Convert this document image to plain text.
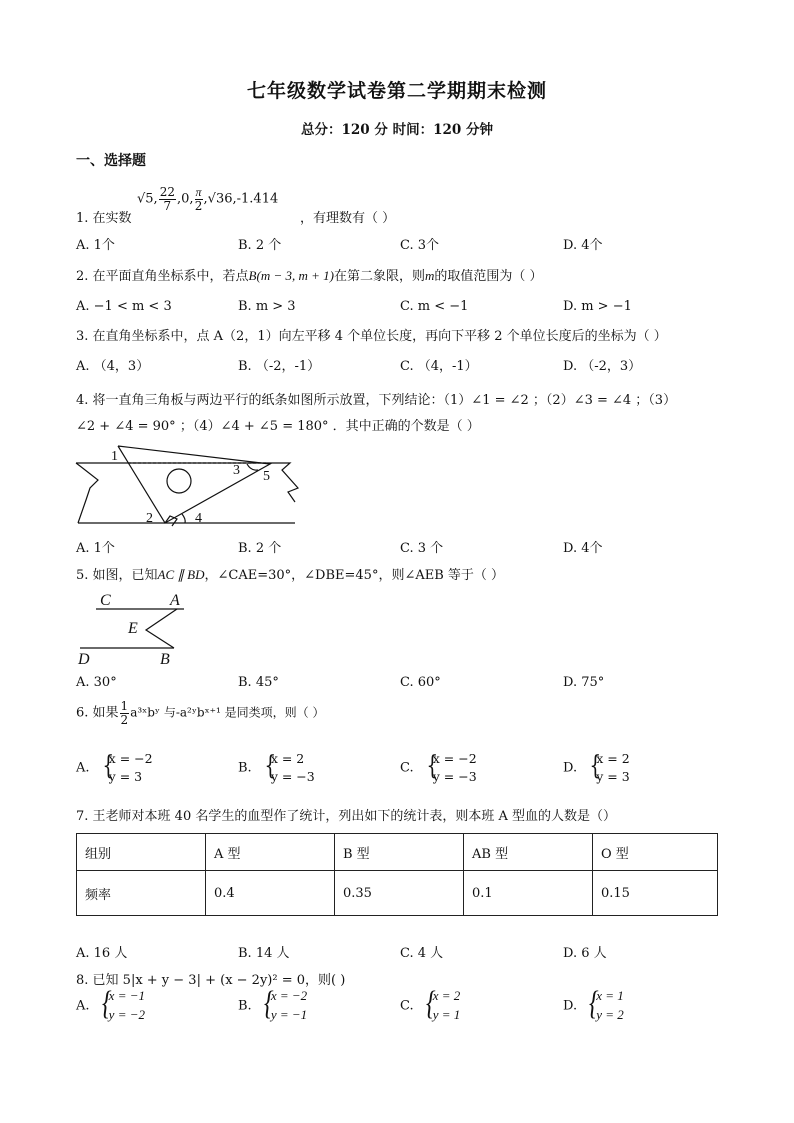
七年级数学试卷第二学期期末检测
总分：120 分 时间：120 分钟
一、选择题
1. 在实数
√5, $\frac{22}{7} ,0$, $\frac{\pi}{2} ,√36,-1.414$
，有理数有（ ）
A. 1个	B. 2 个	C. 3个	D. 4个
2. 在平面直角坐标系中，若点B(m − 3, m + 1)在第二象限，则m的取值范围为（ ）
A. −1 < m < 3	B. m > 3	C. m < −1	D. m > −1
3. 在直角坐标系中，点 A（2，1）向左平移 4 个单位长度，再向下平移 2 个单位长度后的坐标为（ ）
A. （4，3）	B. （-2，-1）	C. （4，-1）	D. （-2，3）
4. 将一直角三角板与两边平行的纸条如图所示放置，下列结论：（1）∠1 = ∠2 ；（2）∠3 = ∠4 ；（3）
∠2 + ∠4 = 90° ；（4）∠4 + ∠5 = 180° ．其中正确的个数是（ ）
1
3 5
2	4
A. 1个	B. 2 个	C. 3 个	D. 4个
5. 如图，已知AC ∥ BD，∠CAE=30°，∠DBE=45°，则∠AEB 等于（ ）
C	A
E
D	B
A. 30°	B. 45°	C. 60°	D. 75°
6. 如果 $\frac{1}{2}$ a³ˣbʸ 与-a²ʸbˣ⁺¹ 是同类项，则（ ）
A.
{ x = −2
y = 3
B.
{ x = 2
y = −3
C.
{ x = −2
y = −3
D.
{ x = 2
y = 3
7. 王老师对本班 40 名学生的血型作了统计，列出如下的统计表，则本班 A 型血的人数是（）
组别	A 型	B 型	AB 型	O 型
频率	0.4	0.35	0.1	0.15
A. 16 人	B. 14 人	C. 4 人	D. 6 人
8. 已知 5|x + y − 3| + (x − 2y)² = 0，则( )
A.
{ x = −1
y = −2
B.
{ x = −2
y = −1
C.
{ x = 2
y = 1
D.
{ x = 1
y = 2
